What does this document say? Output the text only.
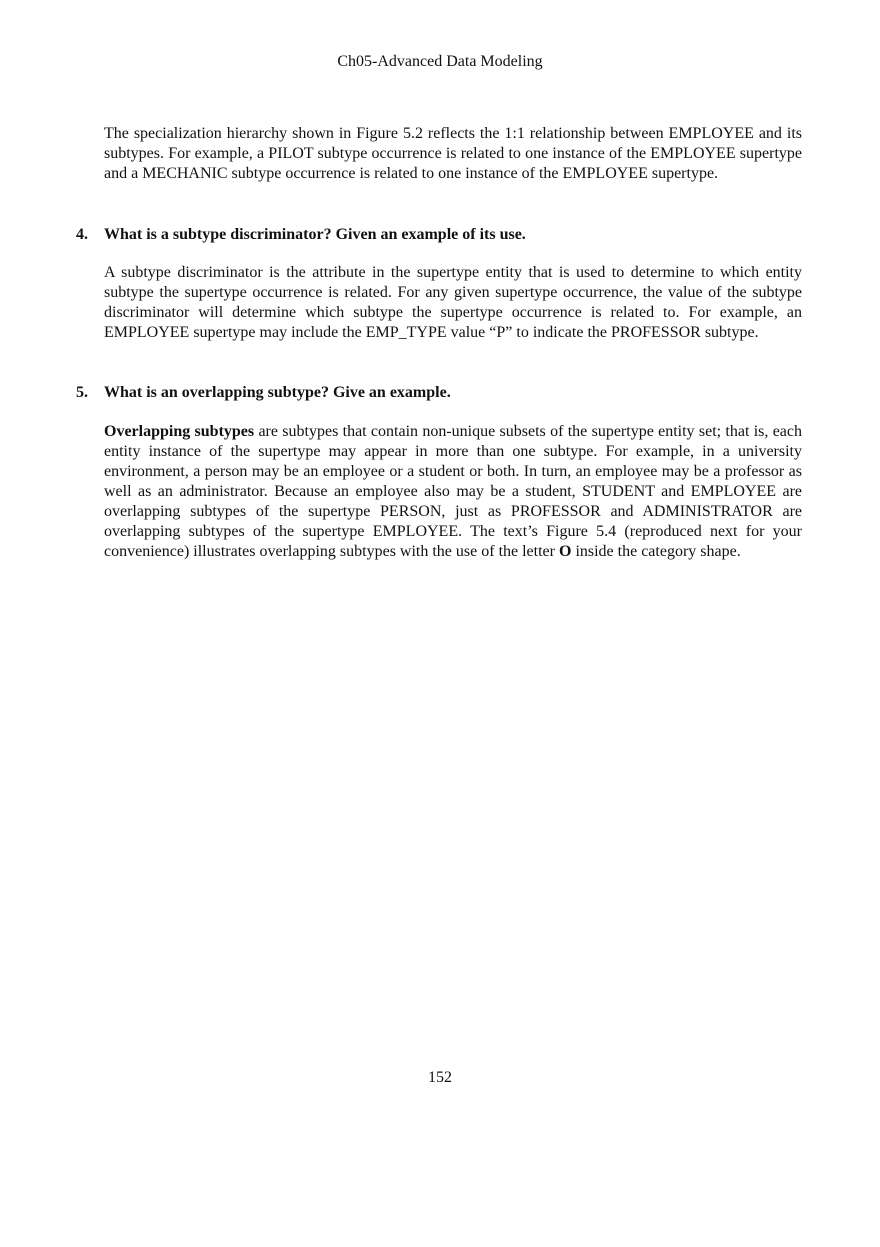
Ch05-Advanced Data Modeling

The specialization hierarchy shown in Figure 5.2 reflects the 1:1 relationship between EMPLOYEE and its subtypes. For example, a PILOT subtype occurrence is related to one instance of the EMPLOYEE supertype and a MECHANIC subtype occurrence is related to one instance of the EMPLOYEE supertype.

4. What is a subtype discriminator? Given an example of its use.

A subtype discriminator is the attribute in the supertype entity that is used to determine to which entity subtype the supertype occurrence is related. For any given supertype occurrence, the value of the subtype discriminator will determine which subtype the supertype occurrence is related to. For example, an EMPLOYEE supertype may include the EMP_TYPE value “P” to indicate the PROFESSOR subtype.

5. What is an overlapping subtype? Give an example.

Overlapping subtypes are subtypes that contain non-unique subsets of the supertype entity set; that is, each entity instance of the supertype may appear in more than one subtype. For example, in a university environment, a person may be an employee or a student or both. In turn, an employee may be a professor as well as an administrator. Because an employee also may be a student, STUDENT and EMPLOYEE are overlapping subtypes of the supertype PERSON, just as PROFESSOR and ADMINISTRATOR are overlapping subtypes of the supertype EMPLOYEE. The text’s Figure 5.4 (reproduced next for your convenience) illustrates overlapping subtypes with the use of the letter O inside the category shape.

152
